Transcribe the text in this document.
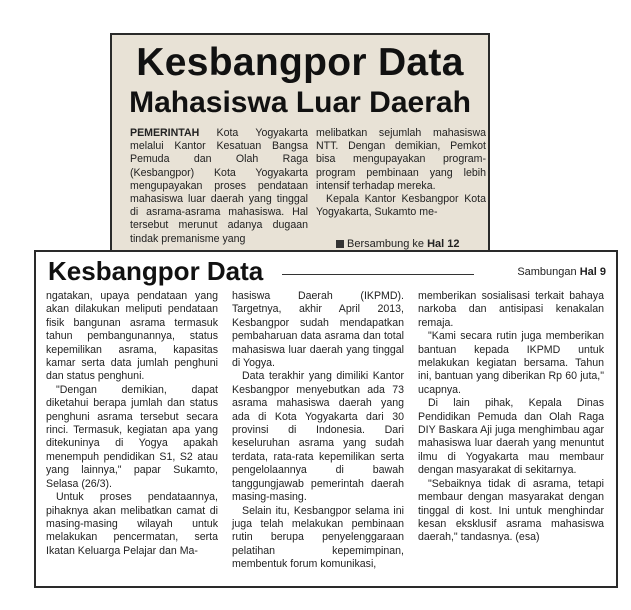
Kesbangpor Data
Mahasiswa Luar Daerah

PEMERINTAH Kota Yogyakarta melalui Kantor Kesatuan Bangsa Pemuda dan Olah Raga (Kesbangpor) Kota Yogyakarta mengupayakan proses pendataan mahasiswa luar daerah yang tinggal di asrama-asrama mahasiswa. Hal tersebut merunut adanya dugaan tindak premanisme yang

melibatkan sejumlah mahasiswa NTT. Dengan demikian, Pemkot bisa mengupayakan program-program pembinaan yang lebih intensif terhadap mereka.

Kepala Kantor Kesbangpor Kota Yogyakarta, Sukamto me-

Bersambung ke Hal 12
Kesbangpor Data	Sambungan Hal 9

ngatakan, upaya pendataan yang akan dilakukan meliputi pendataan fisik bangunan asrama termasuk tahun pembangunannya, status kepemilikan asrama, kapasitas kamar serta data jumlah penghuni dan status penghuni.

"Dengan demikian, dapat diketahui berapa jumlah dan status penghuni asrama tersebut secara rinci. Termasuk, kegiatan apa yang ditekuninya di Yogya apakah menempuh pendidikan S1, S2 atau yang lainnya," papar Sukamto, Selasa (26/3).

Untuk proses pendataannya, pihaknya akan melibatkan camat di masing-masing wilayah untuk melakukan pencermatan, serta Ikatan Keluarga Pelajar dan Ma-

hasiswa Daerah (IKPMD). Targetnya, akhir April 2013, Kesbangpor sudah mendapatkan pembaharuan data asrama dan total mahasiswa luar daerah yang tinggal di Yogya.

Data terakhir yang dimiliki Kantor Kesbangpor menyebutkan ada 73 asrama mahasiswa daerah yang ada di Kota Yogyakarta dari 30 provinsi di Indonesia. Dari keseluruhan asrama yang sudah terdata, rata-rata kepemilikan serta pengelolaannya di bawah tanggungjawab pemerintah daerah masing-masing.

Selain itu, Kesbangpor selama ini juga telah melakukan pembinaan rutin berupa penyelenggaraan pelatihan kepemimpinan, membentuk forum komunikasi,

memberikan sosialisasi terkait bahaya narkoba dan antisipasi kenakalan remaja.

"Kami secara rutin juga memberikan bantuan kepada IKPMD untuk melakukan kegiatan bersama. Tahun ini, bantuan yang diberikan Rp 60 juta," ucapnya.

Di lain pihak, Kepala Dinas Pendidikan Pemuda dan Olah Raga DIY Baskara Aji juga menghimbau agar mahasiswa luar daerah yang menuntut ilmu di Yogyakarta mau membaur dengan masyarakat di sekitarnya.

"Sebaiknya tidak di asrama, tetapi membaur dengan masyarakat dengan tinggal di kost. Ini untuk menghindar kesan eksklusif asrama mahasiswa daerah," tandasnya. (esa)
